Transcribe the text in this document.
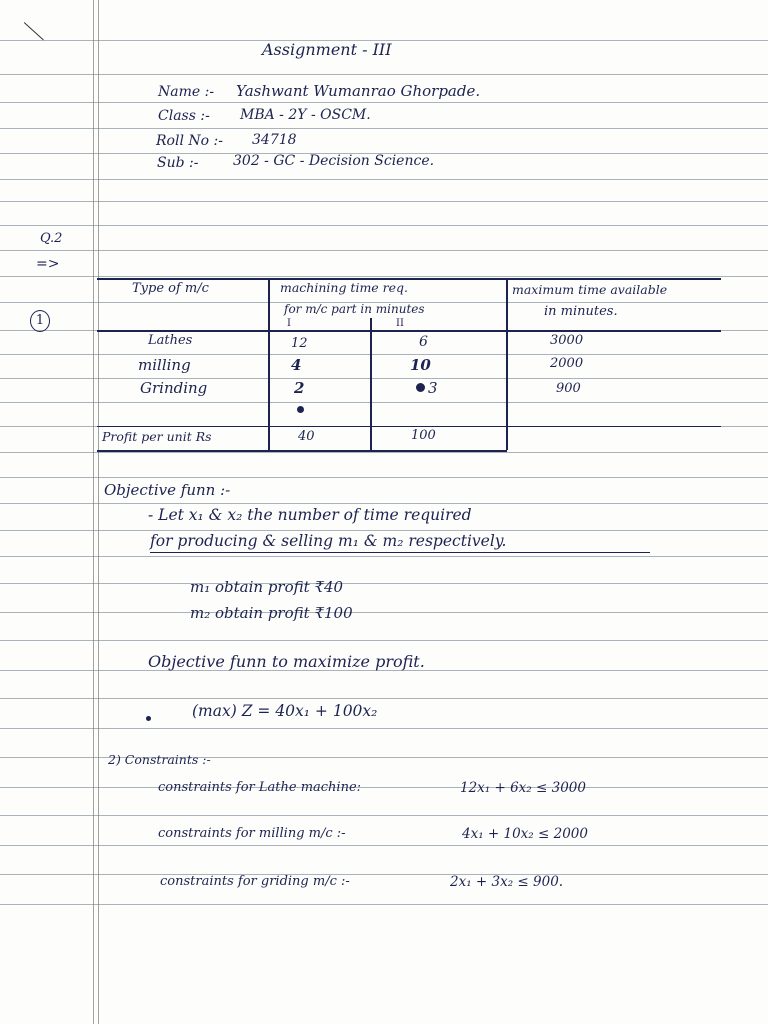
Assignment - III
Name :- Yashwant Wumanrao Ghorpade.
Class :- MBA - 2Y - OSCM.
Roll No :- 34718
Sub :- 302 - GC - Decision Science.
Q.2
=>
1
Type of m/c	machining time req.
for m/c part in minutes
I	II
maximum time available
in minutes.
Lathes	12	6	3000
milling	4	10	2000
Grinding	2	3	900
Profit per unit Rs	40	100
Objective funn :-
- Let x₁ & x₂ the number of time required
for producing & selling m₁ & m₂ respectively.
m₁ obtain profit ₹40
m₂ obtain profit ₹100
Objective funn to maximize profit.
(max) Z = 40x₁ + 100x₂
2) Constraints :-
constraints for Lathe machine:	12x₁ + 6x₂ ≤ 3000
constraints for milling m/c :-	4x₁ + 10x₂ ≤ 2000
constraints for griding m/c :-	2x₁ + 3x₂ ≤ 900.
